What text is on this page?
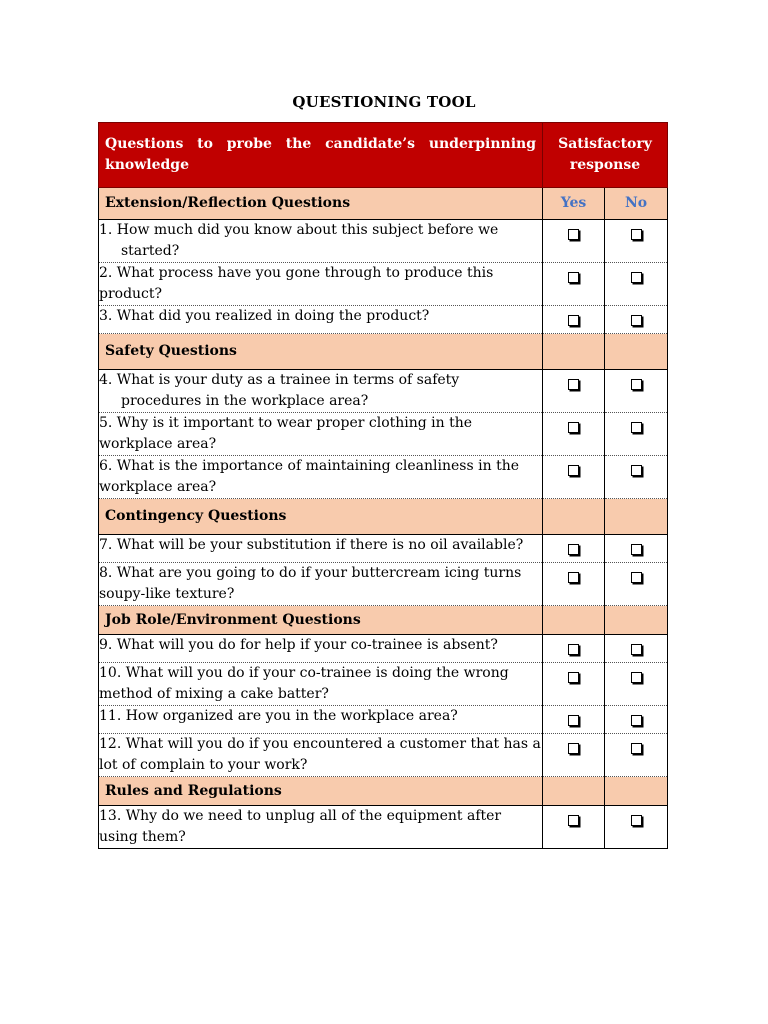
QUESTIONING TOOL
Questions to probe the candidate’s underpinning knowledge	Satisfactory response	
Extension/Reflection Questions	Yes	No

1. How much did you know about this subject before we started?		

2. What process have you gone through to produce this product?		

3. What did you realized in doing the product?		

Safety Questions		

4. What is your duty as a trainee in terms of safety procedures in the workplace area?		

5. Why is it important to wear proper clothing in the workplace area?		

6. What is the importance of maintaining cleanliness in the workplace area?		

Contingency Questions		

7. What will be your substitution if there is no oil available?		

8. What are you going to do if your buttercream icing turns soupy-like texture?		

Job Role/Environment Questions		

9. What will you do for help if your co-trainee is absent?		

10. What will you do if your co-trainee is doing the wrong method of mixing a cake batter?		

11. How organized are you in the workplace area?		

12. What will you do if you encountered a customer that has a lot of complain to your work?		

Rules and Regulations		

13. Why do we need to unplug all of the equipment after using them?		
